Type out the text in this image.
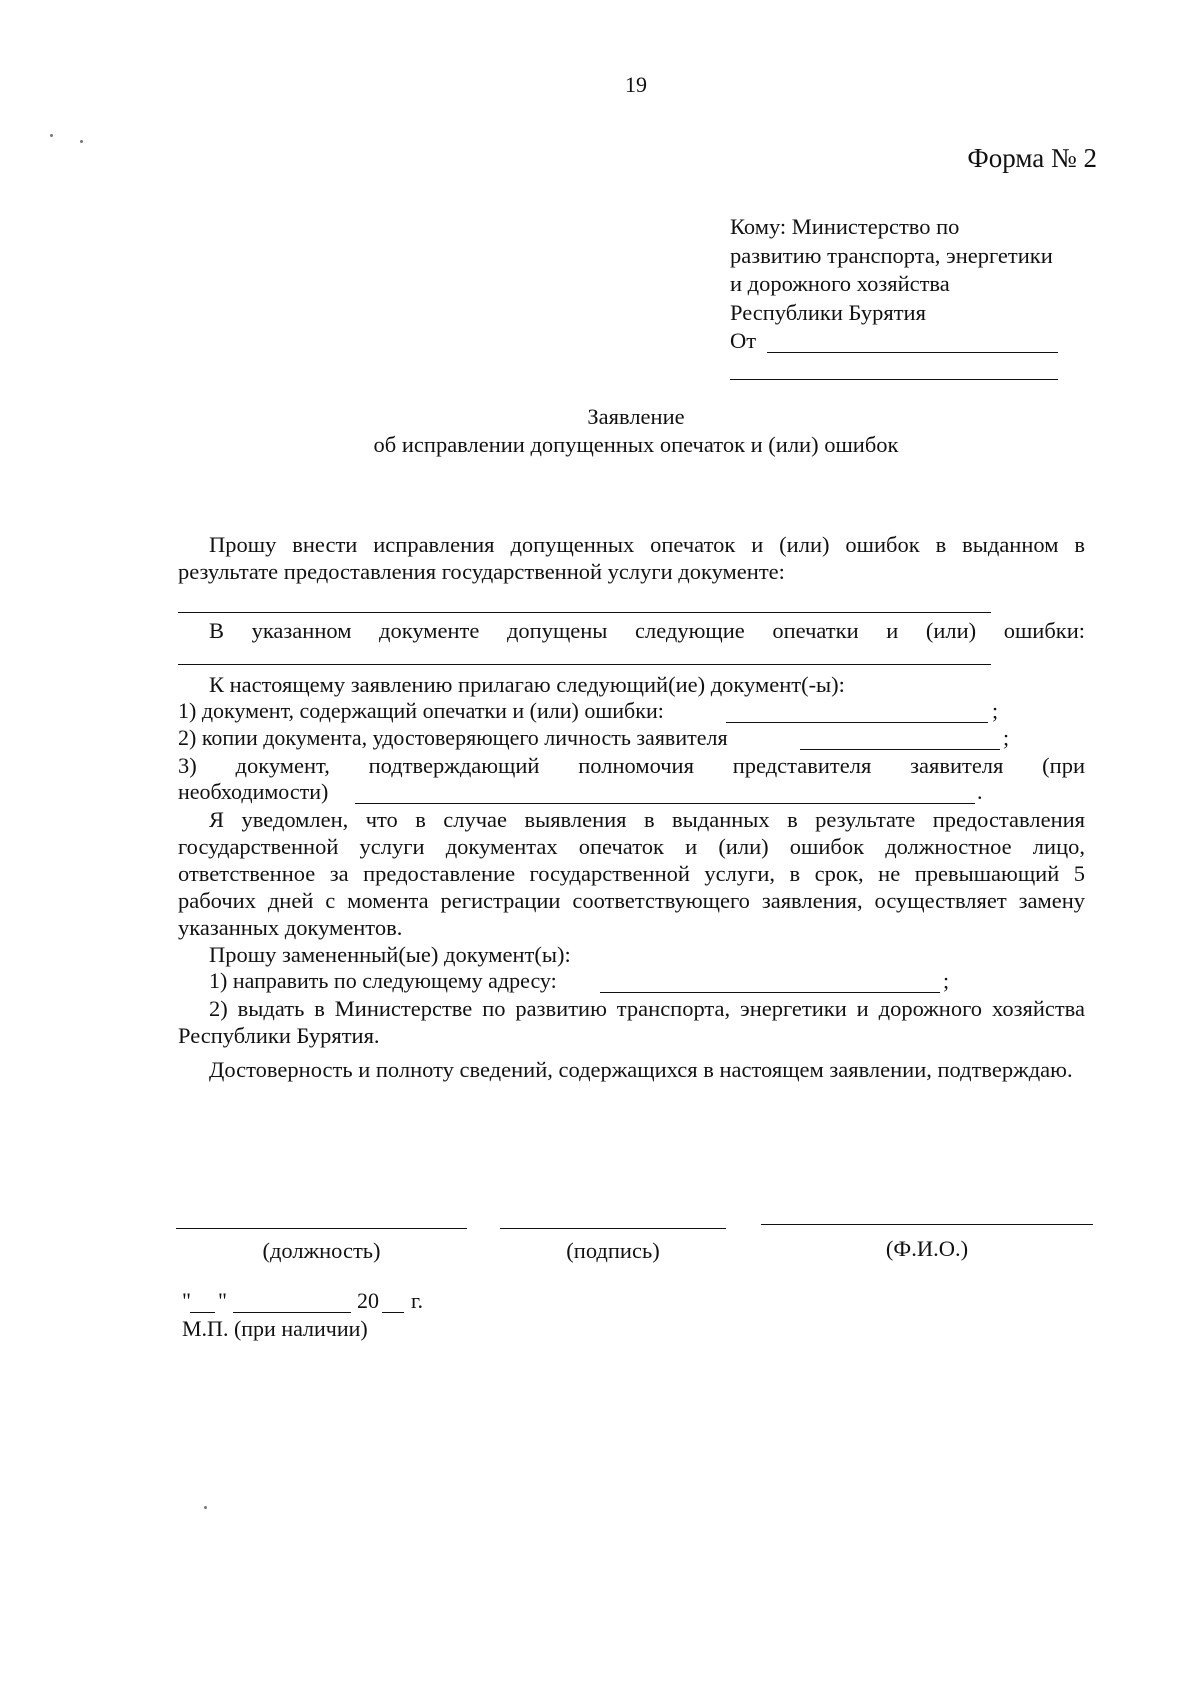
19
Форма № 2
Кому: Министерство по
развитию транспорта, энергетики
и дорожного хозяйства
Республики Бурятия
От
Заявление
об исправлении допущенных опечаток и (или) ошибок
Прошу внести исправления допущенных опечаток и (или) ошибок в выданном в результате предоставления государственной услуги документе:
В указанном документе допущены следующие опечатки и (или) ошибки:
К настоящему заявлению прилагаю следующий(ие) документ(-ы):
1) документ, содержащий опечатки и (или) ошибки:	;
2) копии документа, удостоверяющего личность заявителя	;
3) документ, подтверждающий полномочия представителя заявителя (при
необходимости)	.
Я уведомлен, что в случае выявления в выданных в результате предоставления государственной услуги документах опечаток и (или) ошибок должностное лицо, ответственное за предоставление государственной услуги, в срок, не превышающий 5 рабочих дней с момента регистрации соответствующего заявления, осуществляет замену указанных документов.
Прошу замененный(ые) документ(ы):
1) направить по следующему адресу:	;
2) выдать в Министерстве по развитию транспорта, энергетики и дорожного хозяйства Республики Бурятия.
Достоверность и полноту сведений, содержащихся в настоящем заявлении, подтверждаю.
(должность)	(подпись)	(Ф.И.О.)
" "	20 г.
М.П. (при наличии)
